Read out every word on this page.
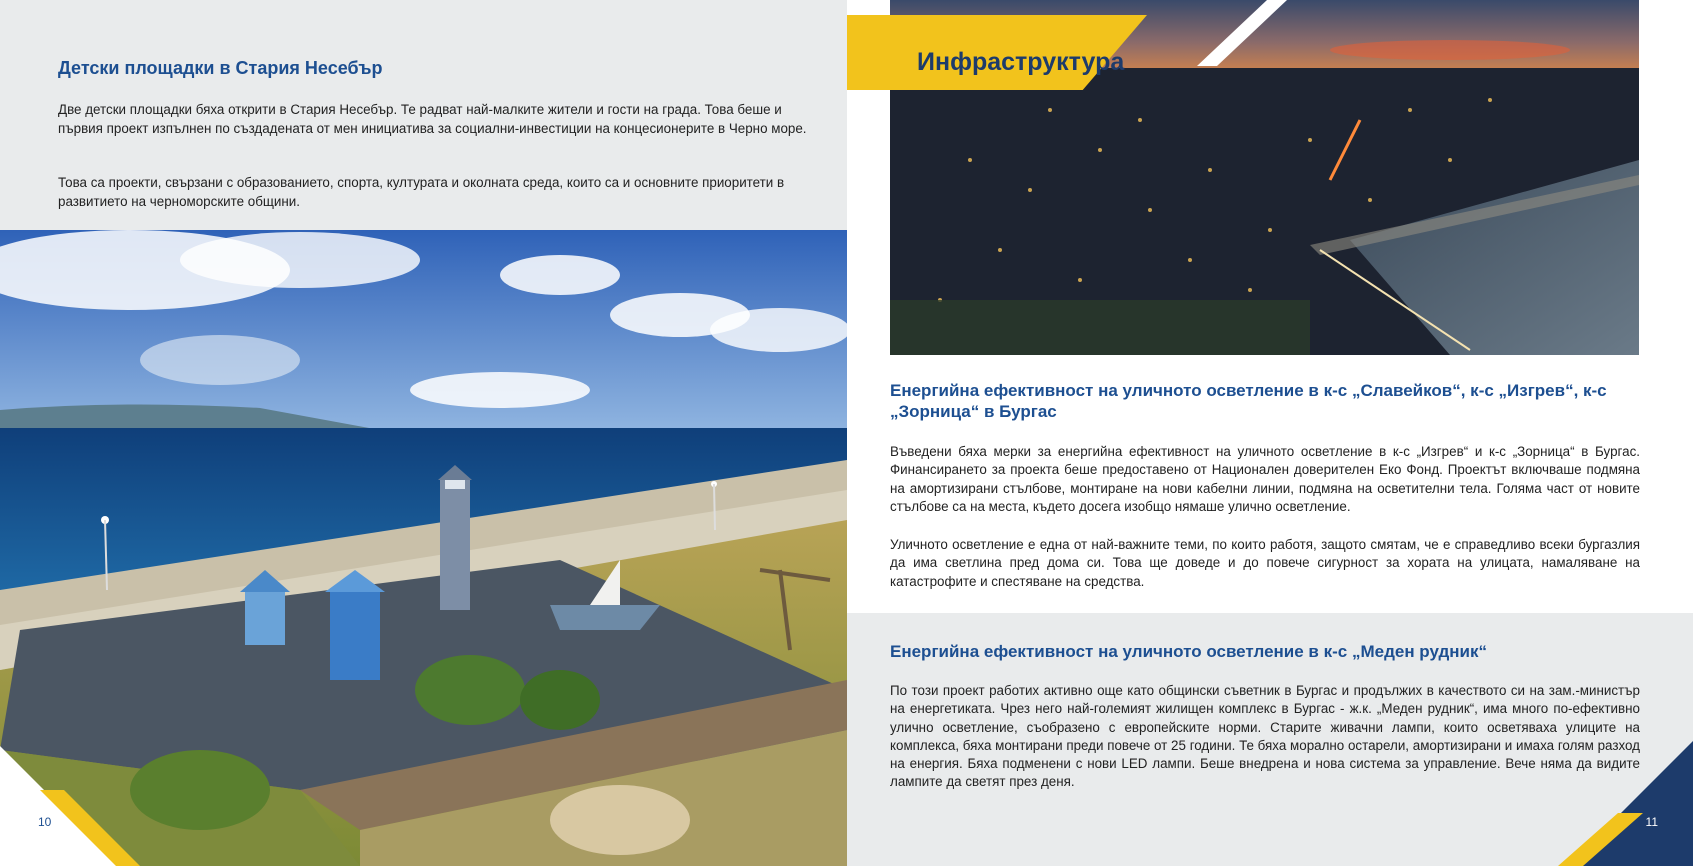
Детски площадки в Стария Несебър

Две детски площадки бяха открити в Стария Несебър. Те радват най-малките жители и гости на града. Това беше и първия проект изпълнен по създадената от мен инициатива за социални-инвестиции на концесионерите в Черно море.

Това са проекти, свързани с образованието, спорта, културата и околната среда, които са и основните приоритети в развитието на черноморските общини.

10
Инфраструктура
Енергийна ефективност на уличното осветление в к-с „Славейков“, к-с „Изгрев“, к-с „Зорница“ в Бургас

Въведени бяха мерки за енергийна ефективност на уличното осветление в к-с „Изгрев“ и к-с „Зорница“ в Бургас. Финансирането за проекта беше предоставено от Национален доверителен Еко Фонд. Проектът включваше подмяна на амортизирани стълбове, монтиране на нови кабелни линии, подмяна на осветителни тела. Голяма част от новите стълбове са на места, където досега изобщо нямаше улично осветление.

Уличното осветление е една от най-важните теми, по които работя, защото смятам, че е справедливо всеки бургазлия да има светлина пред дома си. Това ще доведе и до повече сигурност за хората на улицата, намаляване на катастрофите и спестяване на средства.

Енергийна ефективност на уличното осветление в к-с „Меден рудник“

По този проект работих активно още като общински съветник в Бургас и продължих в качеството си на зам.-министър на енергетиката. Чрез него най-големият жилищен комплекс в Бургас - ж.к. „Меден рудник“, има много по-ефективно улично осветление, съобразено с европейските норми. Старите живачни лампи, които осветяваха улиците на комплекса, бяха монтирани преди повече от 25 години. Те бяха морално остарели, амортизирани и имаха голям разход на енергия. Бяха подменени с нови LED лампи. Беше внедрена и нова система за управление. Вече няма да видите лампите да светят през деня.

11
